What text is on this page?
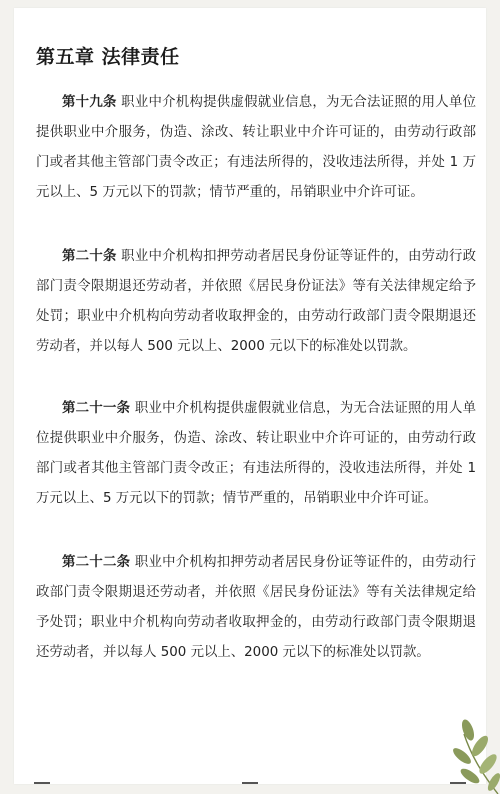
第五章 法律责任
第十九条 职业中介机构提供虚假就业信息，为无合法证照的用人单位提供职业中介服务，伪造、涂改、转让职业中介许可证的，由劳动行政部门或者其他主管部门责令改正；有违法所得的，没收违法所得，并处 1 万元以上、5 万元以下的罚款；情节严重的，吊销职业中介许可证。
第二十条 职业中介机构扣押劳动者居民身份证等证件的，由劳动行政部门责令限期退还劳动者，并依照《居民身份证法》等有关法律规定给予处罚；职业中介机构向劳动者收取押金的，由劳动行政部门责令限期退还劳动者，并以每人 500 元以上、2000 元以下的标准处以罚款。
第二十一条 职业中介机构提供虚假就业信息，为无合法证照的用人单位提供职业中介服务，伪造、涂改、转让职业中介许可证的，由劳动行政部门或者其他主管部门责令改正；有违法所得的，没收违法所得，并处 1 万元以上、5 万元以下的罚款；情节严重的，吊销职业中介许可证。
第二十二条 职业中介机构扣押劳动者居民身份证等证件的，由劳动行政部门责令限期退还劳动者，并依照《居民身份证法》等有关法律规定给予处罚；职业中介机构向劳动者收取押金的，由劳动行政部门责令限期退还劳动者，并以每人 500 元以上、2000 元以下的标准处以罚款。
